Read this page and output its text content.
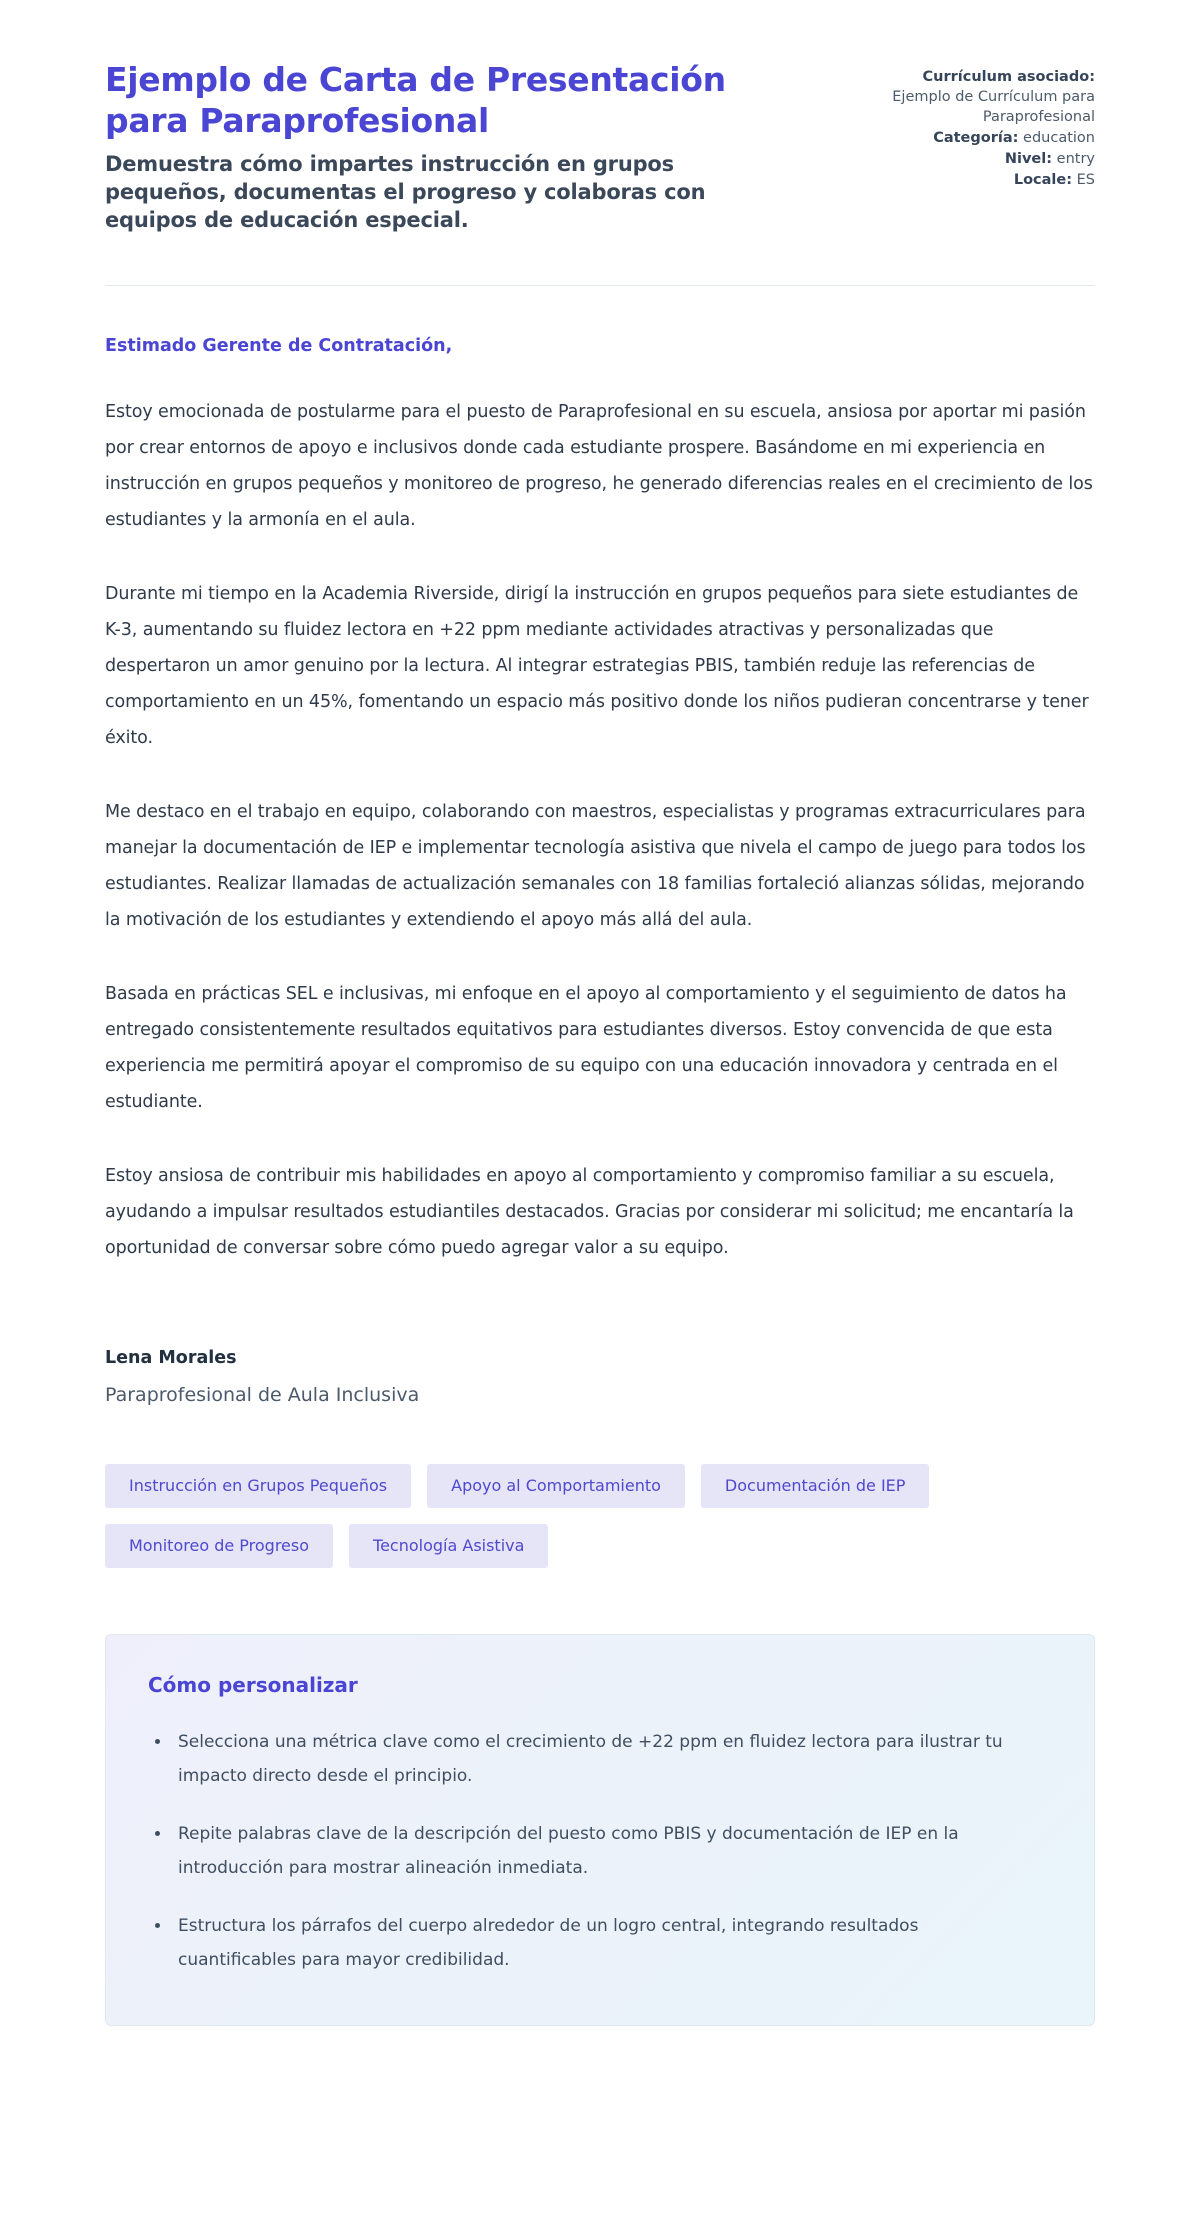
Ejemplo de Carta de Presentación para Paraprofesional
Demuestra cómo impartes instrucción en grupos pequeños, documentas el progreso y colaboras con equipos de educación especial.
Currículum asociado: Ejemplo de Currículum para Paraprofesional
Categoría: education
Nivel: entry
Locale: ES
Estimado Gerente de Contratación,

Estoy emocionada de postularme para el puesto de Paraprofesional en su escuela, ansiosa por aportar mi pasión por crear entornos de apoyo e inclusivos donde cada estudiante prospere. Basándome en mi experiencia en instrucción en grupos pequeños y monitoreo de progreso, he generado diferencias reales en el crecimiento de los estudiantes y la armonía en el aula.

Durante mi tiempo en la Academia Riverside, dirigí la instrucción en grupos pequeños para siete estudiantes de K-3, aumentando su fluidez lectora en +22 ppm mediante actividades atractivas y personalizadas que despertaron un amor genuino por la lectura. Al integrar estrategias PBIS, también reduje las referencias de comportamiento en un 45%, fomentando un espacio más positivo donde los niños pudieran concentrarse y tener éxito.

Me destaco en el trabajo en equipo, colaborando con maestros, especialistas y programas extracurriculares para manejar la documentación de IEP e implementar tecnología asistiva que nivela el campo de juego para todos los estudiantes. Realizar llamadas de actualización semanales con 18 familias fortaleció alianzas sólidas, mejorando la motivación de los estudiantes y extendiendo el apoyo más allá del aula.

Basada en prácticas SEL e inclusivas, mi enfoque en el apoyo al comportamiento y el seguimiento de datos ha entregado consistentemente resultados equitativos para estudiantes diversos. Estoy convencida de que esta experiencia me permitirá apoyar el compromiso de su equipo con una educación innovadora y centrada en el estudiante.

Estoy ansiosa de contribuir mis habilidades en apoyo al comportamiento y compromiso familiar a su escuela, ayudando a impulsar resultados estudiantiles destacados. Gracias por considerar mi solicitud; me encantaría la oportunidad de conversar sobre cómo puedo agregar valor a su equipo.

Lena Morales
Paraprofesional de Aula Inclusiva
Instrucción en Grupos Pequeños	Apoyo al Comportamiento	Documentación de IEP
Monitoreo de Progreso	Tecnología Asistiva
Cómo personalizar
• Selecciona una métrica clave como el crecimiento de +22 ppm en fluidez lectora para ilustrar tu impacto directo desde el principio.
• Repite palabras clave de la descripción del puesto como PBIS y documentación de IEP en la introducción para mostrar alineación inmediata.
• Estructura los párrafos del cuerpo alrededor de un logro central, integrando resultados cuantificables para mayor credibilidad.
